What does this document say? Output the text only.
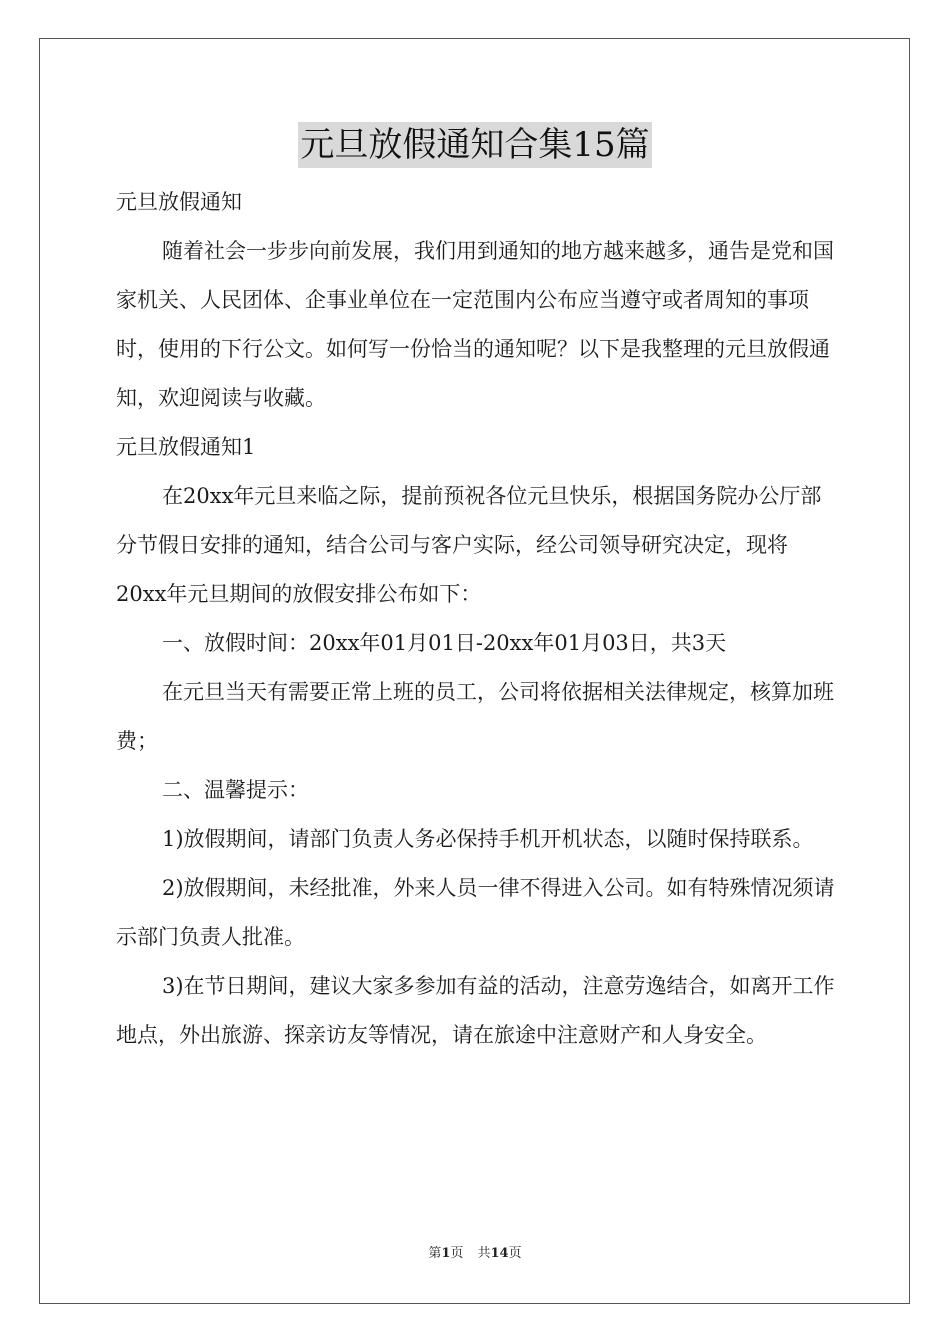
元旦放假通知合集15篇

元旦放假通知

随着社会一步步向前发展，我们用到通知的地方越来越多，通告是党和国家机关、人民团体、企事业单位在一定范围内公布应当遵守或者周知的事项时，使用的下行公文。如何写一份恰当的通知呢？以下是我整理的元旦放假通知，欢迎阅读与收藏。

元旦放假通知1

在20xx年元旦来临之际，提前预祝各位元旦快乐，根据国务院办公厅部分节假日安排的通知，结合公司与客户实际，经公司领导研究决定，现将20xx年元旦期间的放假安排公布如下：

一、放假时间：20xx年01月01日-20xx年01月03日，共3天

在元旦当天有需要正常上班的员工，公司将依据相关法律规定，核算加班费；

二、温馨提示：

1)放假期间，请部门负责人务必保持手机开机状态，以随时保持联系。

2)放假期间，未经批准，外来人员一律不得进入公司。如有特殊情况须请示部门负责人批准。

3)在节日期间，建议大家多参加有益的活动，注意劳逸结合，如离开工作地点，外出旅游、探亲访友等情况，请在旅途中注意财产和人身安全。

第1页 共14页
